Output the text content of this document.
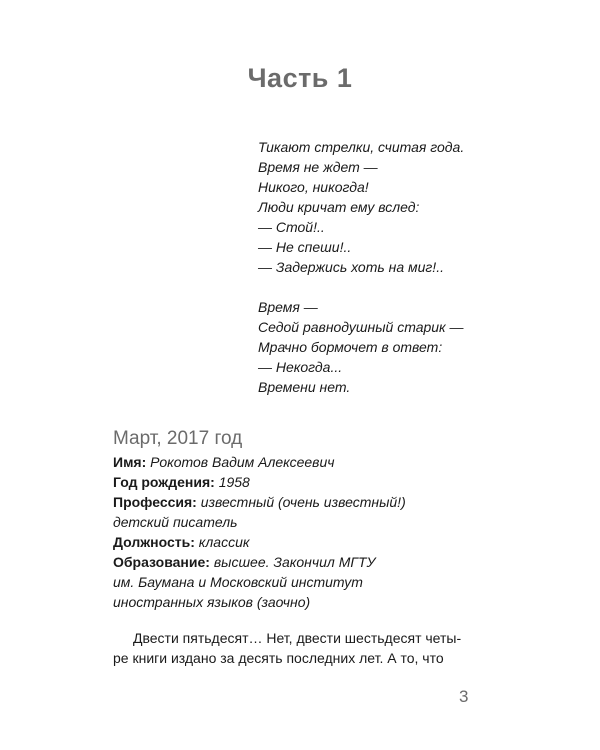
Часть 1
Тикают стрелки, считая года.
Время не ждет —
Никого, никогда!
Люди кричат ему вслед:
— Стой!..
— Не спеши!..
— Задержись хоть на миг!..
Время —
Седой равнодушный старик —
Мрачно бормочет в ответ:
— Некогда...
Времени нет.
Март, 2017 год
Имя: Рокотов Вадим Алексеевич
Год рождения: 1958
Профессия: известный (очень известный!)
детский писатель
Должность: классик
Образование: высшее. Закончил МГТУ
им. Баумана и Московский институт
иностранных языков (заочно)
Двести пятьдесят… Нет, двести шестьдесят четы-
ре книги издано за десять последних лет. А то, что
3
